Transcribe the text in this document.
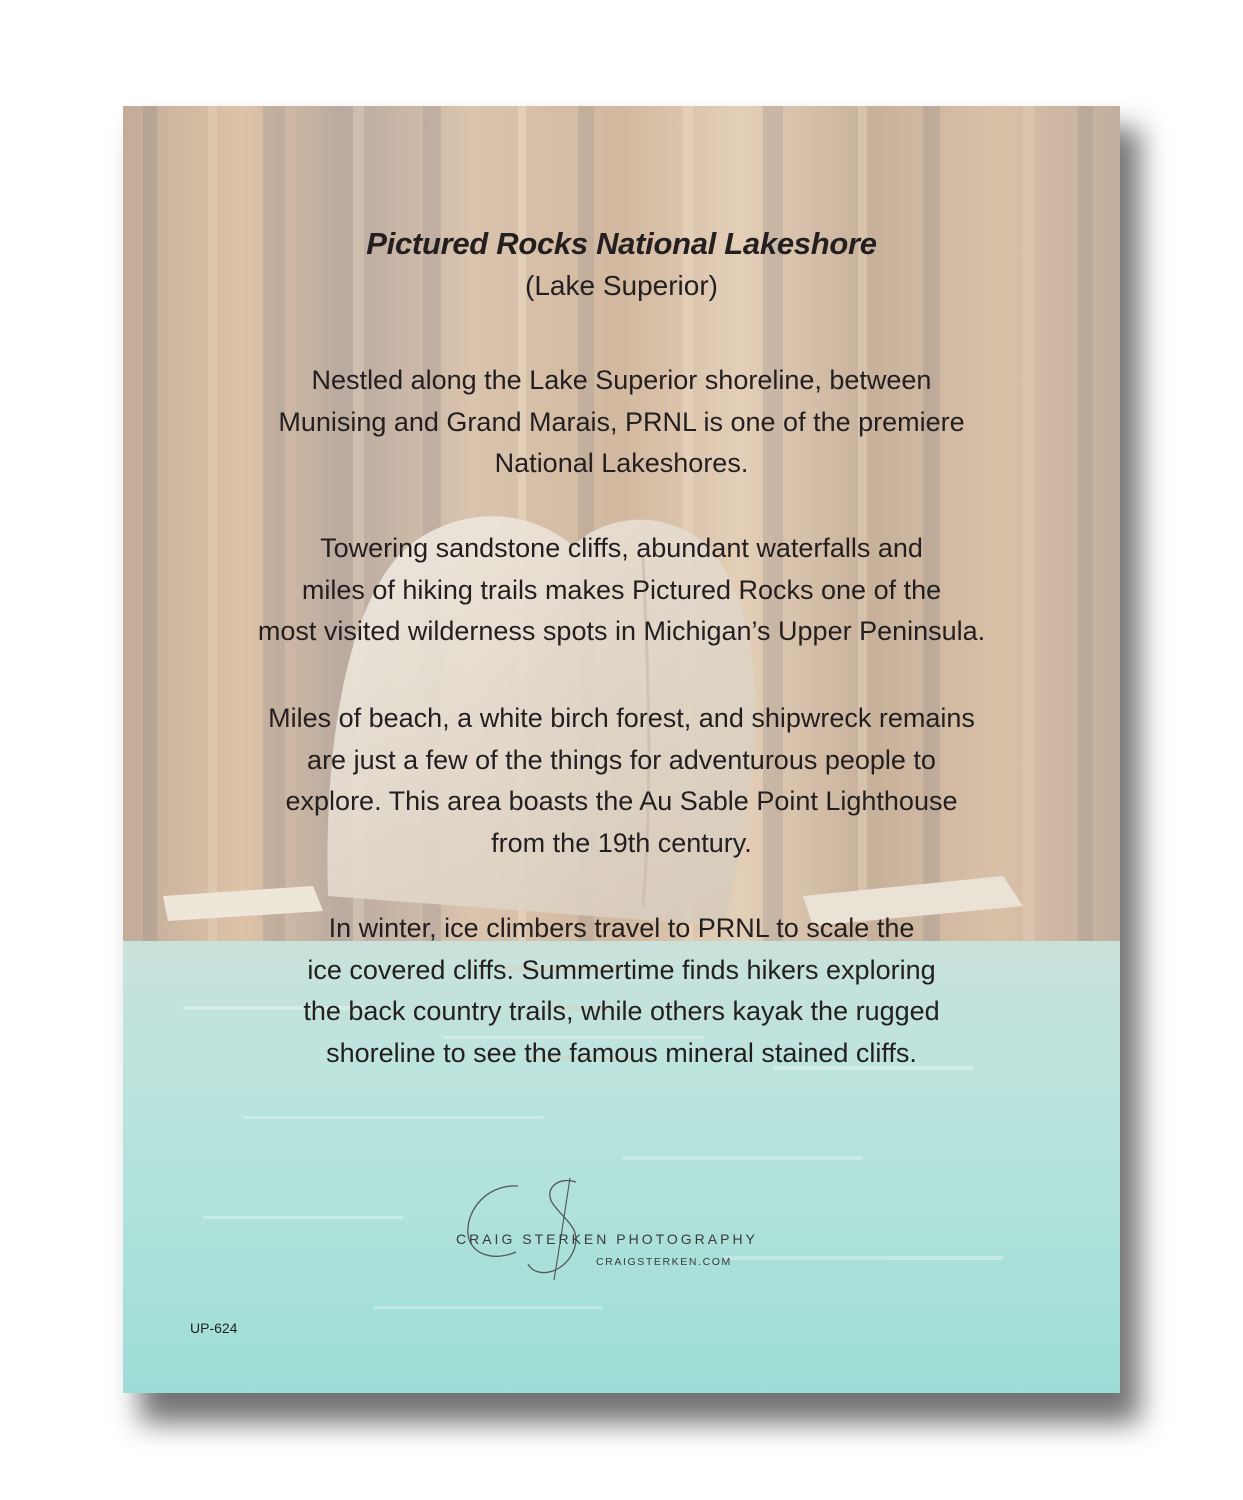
Pictured Rocks National Lakeshore
(Lake Superior)
Nestled along the Lake Superior shoreline, between
Munising and Grand Marais, PRNL is one of the premiere
National Lakeshores.
Towering sandstone cliffs, abundant waterfalls and
miles of hiking trails makes Pictured Rocks one of the
most visited wilderness spots in Michigan’s Upper Peninsula.
Miles of beach, a white birch forest, and shipwreck remains
are just a few of the things for adventurous people to
explore. This area boasts the Au Sable Point Lighthouse
from the 19th century.
In winter, ice climbers travel to PRNL to scale the
ice covered cliffs. Summertime finds hikers exploring
the back country trails, while others kayak the rugged
shoreline to see the famous mineral stained cliffs.
CRAIG STERKEN PHOTOGRAPHY
CRAIGSTERKEN.COM
UP-624
